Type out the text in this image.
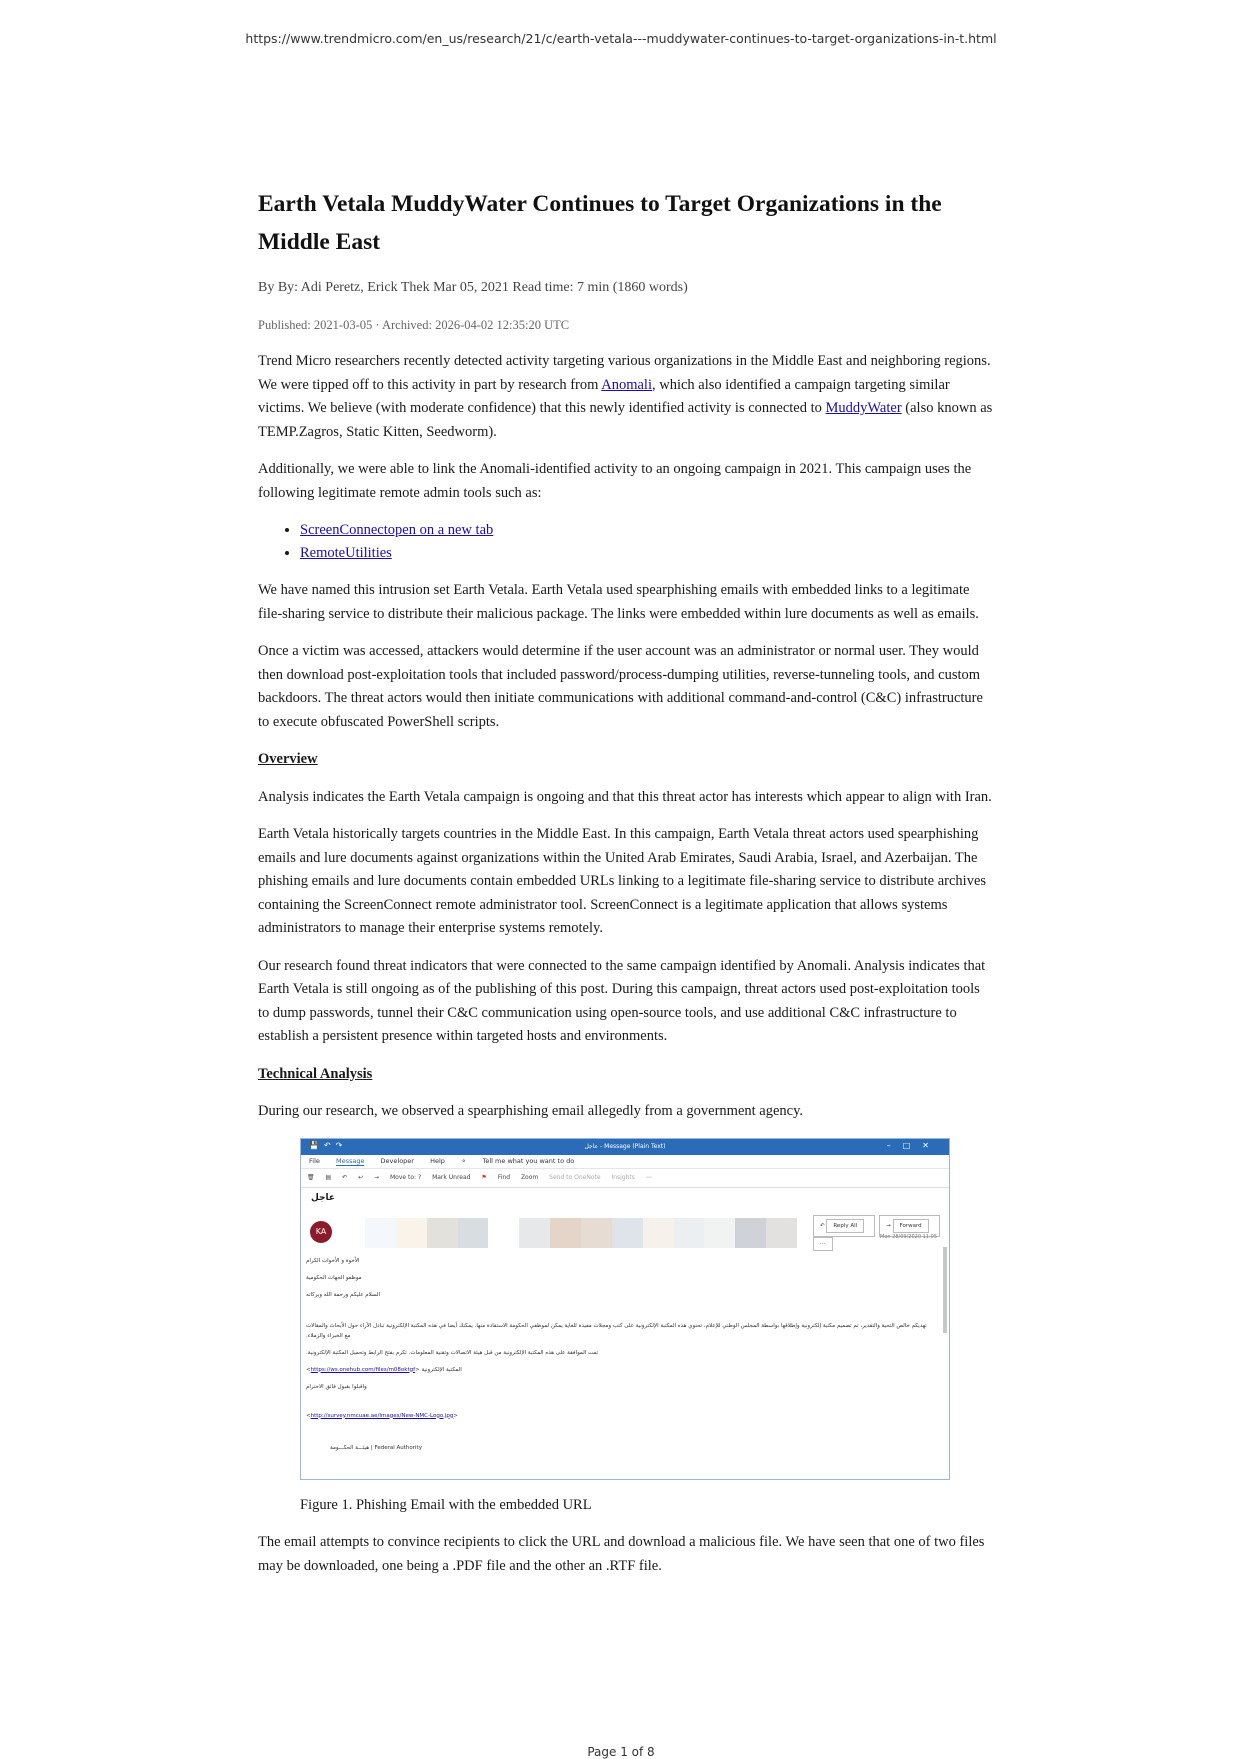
https://www.trendmicro.com/en_us/research/21/c/earth-vetala---muddywater-continues-to-target-organizations-in-t.html
Earth Vetala MuddyWater Continues to Target Organizations in the Middle East

By By: Adi Peretz, Erick Thek Mar 05, 2021 Read time: 7 min (1860 words)

Published: 2021-03-05 · Archived: 2026-04-02 12:35:20 UTC

Trend Micro researchers recently detected activity targeting various organizations in the Middle East and neighboring regions. We were tipped off to this activity in part by research from Anomali, which also identified a campaign targeting similar victims. We believe (with moderate confidence) that this newly identified activity is connected to MuddyWater (also known as TEMP.Zagros, Static Kitten, Seedworm).

Additionally, we were able to link the Anomali-identified activity to an ongoing campaign in 2021. This campaign uses the following legitimate remote admin tools such as:

• ScreenConnectopen on a new tab
• RemoteUtilities

We have named this intrusion set Earth Vetala. Earth Vetala used spearphishing emails with embedded links to a legitimate file-sharing service to distribute their malicious package. The links were embedded within lure documents as well as emails.

Once a victim was accessed, attackers would determine if the user account was an administrator or normal user. They would then download post-exploitation tools that included password/process-dumping utilities, reverse-tunneling tools, and custom backdoors. The threat actors would then initiate communications with additional command-and-control (C&C) infrastructure to execute obfuscated PowerShell scripts.

Overview

Analysis indicates the Earth Vetala campaign is ongoing and that this threat actor has interests which appear to align with Iran.

Earth Vetala historically targets countries in the Middle East. In this campaign, Earth Vetala threat actors used spearphishing emails and lure documents against organizations within the United Arab Emirates, Saudi Arabia, Israel, and Azerbaijan. The phishing emails and lure documents contain embedded URLs linking to a legitimate file-sharing service to distribute archives containing the ScreenConnect remote administrator tool. ScreenConnect is a legitimate application that allows systems administrators to manage their enterprise systems remotely.

Our research found threat indicators that were connected to the same campaign identified by Anomali. Analysis indicates that Earth Vetala is still ongoing as of the publishing of this post. During this campaign, threat actors used post-exploitation tools to dump passwords, tunnel their C&C communication using open-source tools, and use additional C&C infrastructure to establish a persistent presence within targeted hosts and environments.

Technical Analysis

During our research, we observed a spearphishing email allegedly from a government agency.

💾↶↷	عاجل - Message (Plain Text)	–□✕
File Message Developer Help ⚬ Tell me what you want to do
🗑 ▤ ↶ ↩ → Move to: ? Mark Unread ⚑ Find Zoom Send to OneNote Insights ⋯
عاجل
KA
↶ Reply All	→ Forward⋯
Mon 28/09/2020 11:05
الأخوة و الأخوات الكرام
موظفو الجهات الحكومية
السلام عليكم ورحمة الله وبركاته
تهديكم خالص التحية والتقدير، تم تصميم مكتبة إلكترونية وإطلاقها بواسطة المجلس الوطني للإعلام، تحتوي هذه المكتبة الإلكترونية على كتب ومجلات مفيدة للغاية يمكن لموظفي الحكومة الاستفادة منها. يمكنك أيضا في هذه المكتبة الإلكترونية تبادل الآراء حول الأبحاث والمقالات مع الخبراء والزملاء.
تمت الموافقة على هذه المكتبة الإلكترونية من قبل هيئة الاتصالات وتقنية المعلومات. تكرم بفتح الرابط وتحميل المكتبة الإلكترونية.
المكتبة الإلكترونية <https://ws.onehub.com/files/m08oktgf>
واقبلوا بقبول فائق الاحترام
<http://survey.nmcuae.ae/Images/New-NMC-Logo.jpg>
هيئـــة الحكـــومة | Federal Authority

Figure 1. Phishing Email with the embedded URL

The email attempts to convince recipients to click the URL and download a malicious file. We have seen that one of two files may be downloaded, one being a .PDF file and the other an .RTF file.

Page 1 of 8
